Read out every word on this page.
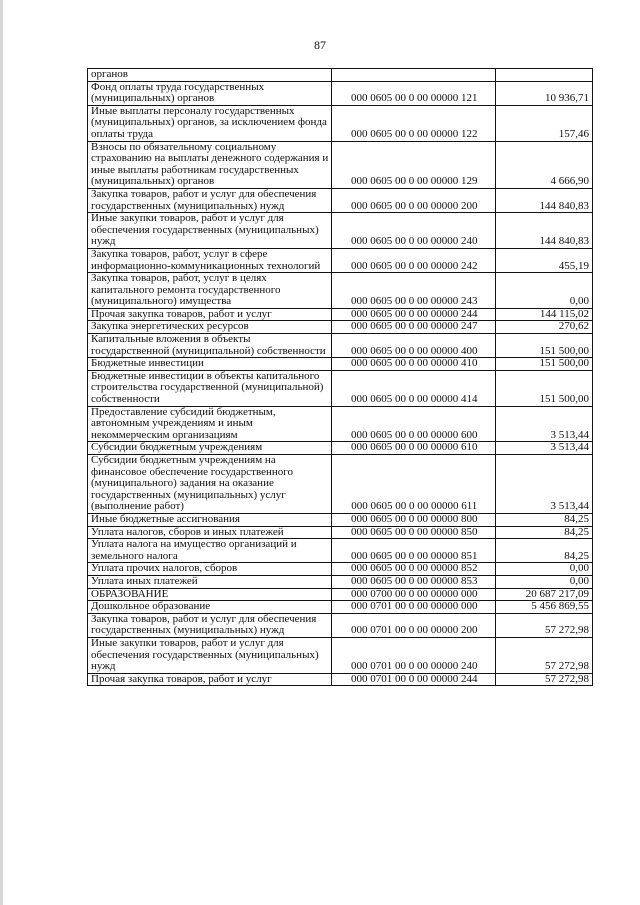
87
органов		
Фонд оплаты труда государственных (муниципальных) органов	000 0605 00 0 00 00000 121	10 936,71
Иные выплаты персоналу государственных (муниципальных) органов, за исключением фонда оплаты труда	000 0605 00 0 00 00000 122	157,46
Взносы по обязательному социальному страхованию на выплаты денежного содержания и иные выплаты работникам государственных (муниципальных) органов	000 0605 00 0 00 00000 129	4 666,90
Закупка товаров, работ и услуг для обеспечения государственных (муниципальных) нужд	000 0605 00 0 00 00000 200	144 840,83
Иные закупки товаров, работ и услуг для обеспечения государственных (муниципальных) нужд	000 0605 00 0 00 00000 240	144 840,83
Закупка товаров, работ, услуг в сфере информационно-коммуникационных технологий	000 0605 00 0 00 00000 242	455,19
Закупка товаров, работ, услуг в целях капитального ремонта государственного (муниципального) имущества	000 0605 00 0 00 00000 243	0,00
Прочая закупка товаров, работ и услуг	000 0605 00 0 00 00000 244	144 115,02
Закупка энергетических ресурсов	000 0605 00 0 00 00000 247	270,62
Капитальные вложения в объекты государственной (муниципальной) собственности	000 0605 00 0 00 00000 400	151 500,00
Бюджетные инвестиции	000 0605 00 0 00 00000 410	151 500,00
Бюджетные инвестиции в объекты капитального строительства государственной (муниципальной) собственности	000 0605 00 0 00 00000 414	151 500,00
Предоставление субсидий бюджетным, автономным учреждениям и иным некоммерческим организациям	000 0605 00 0 00 00000 600	3 513,44
Субсидии бюджетным учреждениям	000 0605 00 0 00 00000 610	3 513,44
Субсидии бюджетным учреждениям на финансовое обеспечение государственного (муниципального) задания на оказание государственных (муниципальных) услуг (выполнение работ)	000 0605 00 0 00 00000 611	3 513,44
Иные бюджетные ассигнования	000 0605 00 0 00 00000 800	84,25
Уплата налогов, сборов и иных платежей	000 0605 00 0 00 00000 850	84,25
Уплата налога на имущество организаций и земельного налога	000 0605 00 0 00 00000 851	84,25
Уплата прочих налогов, сборов	000 0605 00 0 00 00000 852	0,00
Уплата иных платежей	000 0605 00 0 00 00000 853	0,00
ОБРАЗОВАНИЕ	000 0700 00 0 00 00000 000	20 687 217,09
Дошкольное образование	000 0701 00 0 00 00000 000	5 456 869,55
Закупка товаров, работ и услуг для обеспечения государственных (муниципальных) нужд	000 0701 00 0 00 00000 200	57 272,98
Иные закупки товаров, работ и услуг для обеспечения государственных (муниципальных) нужд	000 0701 00 0 00 00000 240	57 272,98
Прочая закупка товаров, работ и услуг	000 0701 00 0 00 00000 244	57 272,98
